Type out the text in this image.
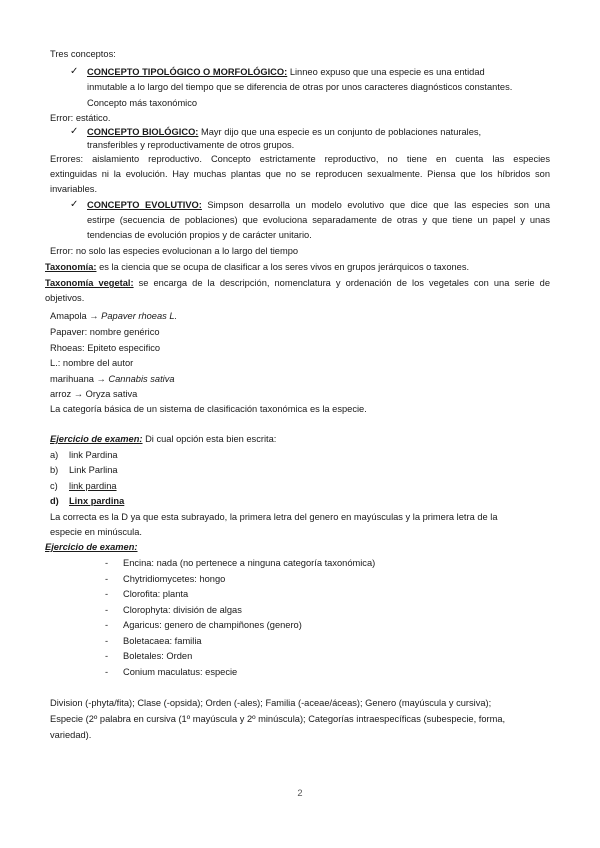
Tres conceptos:
✓ CONCEPTO TIPOLÓGICO O MORFOLÓGICO: Linneo expuso que una especie es una entidad
inmutable a lo largo del tiempo que se diferencia de otras por unos caracteres diagnósticos constantes.
Concepto más taxonómico
Error: estático.
✓ CONCEPTO BIOLÓGICO: Mayr dijo que una especie es un conjunto de poblaciones naturales,
transferibles y reproductivamente de otros grupos.
Errores: aislamiento reproductivo. Concepto estrictamente reproductivo, no tiene en cuenta las especies
extinguidas ni la evolución. Hay muchas plantas que no se reproducen sexualmente. Piensa que los híbridos son
invariables.
✓ CONCEPTO EVOLUTIVO: Simpson desarrolla un modelo evolutivo que dice que las especies son una
estirpe (secuencia de poblaciones) que evoluciona separadamente de otras y que tiene un papel y unas
tendencias de evolución propios y de carácter unitario.
Error: no solo las especies evolucionan a lo largo del tiempo
Taxonomía: es la ciencia que se ocupa de clasificar a los seres vivos en grupos jerárquicos o taxones.
Taxonomía vegetal: se encarga de la descripción, nomenclatura y ordenación de los vegetales con una serie de
objetivos.
Amapola → Papaver rhoeas L.
Papaver: nombre genérico
Rhoeas: Epiteto especifico
L.: nombre del autor
marihuana → Cannabis sativa
arroz → Oryza sativa
La categoría básica de un sistema de clasificación taxonómica es la especie.
Ejercicio de examen: Di cual opción esta bien escrita:
a) link Pardina
b) Link Parlina
c) link pardina
d) Linx pardina
La correcta es la D ya que esta subrayado, la primera letra del genero en mayúsculas y la primera letra de la
especie en minúscula.
Ejercicio de examen:
- Encina: nada (no pertenece a ninguna categoría taxonómica)
- Chytridiomycetes: hongo
- Clorofita: planta
- Clorophyta: división de algas
- Agaricus: genero de champiñones (genero)
- Boletacaea: familia
- Boletales: Orden
- Conium maculatus: especie
Division (-phyta/fita); Clase (-opsida); Orden (-ales); Familia (-aceae/áceas); Genero (mayúscula y cursiva);
Especie (2º palabra en cursiva (1º mayúscula y 2º minúscula); Categorías intraespecíficas (subespecie, forma,
variedad).
2
